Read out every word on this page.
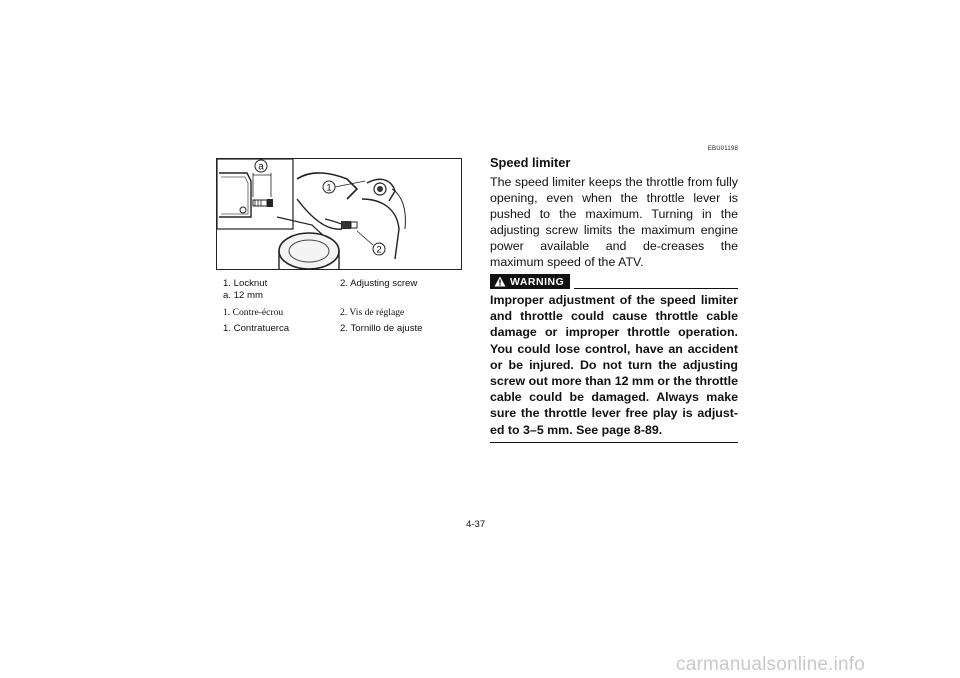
a
1
2
1. Locknut	2. Adjusting screw
a. 12 mm
1. Contre-écrou	2. Vis de réglage
1. Contratuerca	2. Tornillo de ajuste
EBU01198
Speed limiter

The speed limiter keeps the throttle from fully opening, even when the throttle lever is pushed to the maximum. Turning in the adjusting screw limits the maximum engine power available and de-creases the maximum speed of the ATV.

WARNING

Improper adjustment of the speed limiter and throttle could cause throttle cable damage or improper throttle operation. You could lose control, have an accident or be injured. Do not turn the adjusting screw out more than 12 mm or the throttle cable could be damaged. Always make sure the throttle lever free play is adjust-ed to 3–5 mm. See page 8-89.

4-37
carmanualsonline.info
